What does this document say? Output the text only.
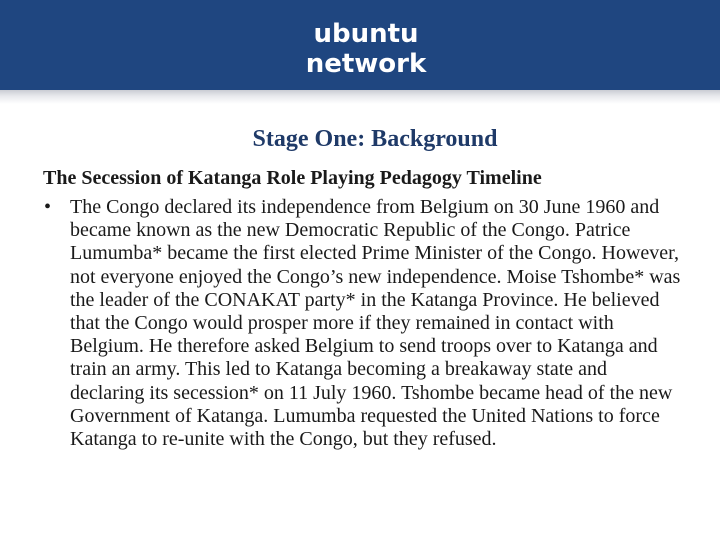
ubuntu
network
Stage One: Background
The Secession of Katanga Role Playing Pedagogy Timeline
• The Congo declared its independence from Belgium on 30 June 1960 and became known as the new Democratic Republic of the Congo. Patrice Lumumba* became the first elected Prime Minister of the Congo. However, not everyone enjoyed the Congo’s new independence. Moise Tshombe* was the leader of the CONAKAT party* in the Katanga Province. He believed that the Congo would prosper more if they remained in contact with Belgium. He therefore asked Belgium to send troops over to Katanga and train an army. This led to Katanga becoming a breakaway state and declaring its secession* on 11 July 1960. Tshombe became head of the new Government of Katanga. Lumumba requested the United Nations to force Katanga to re-unite with the Congo, but they refused.
